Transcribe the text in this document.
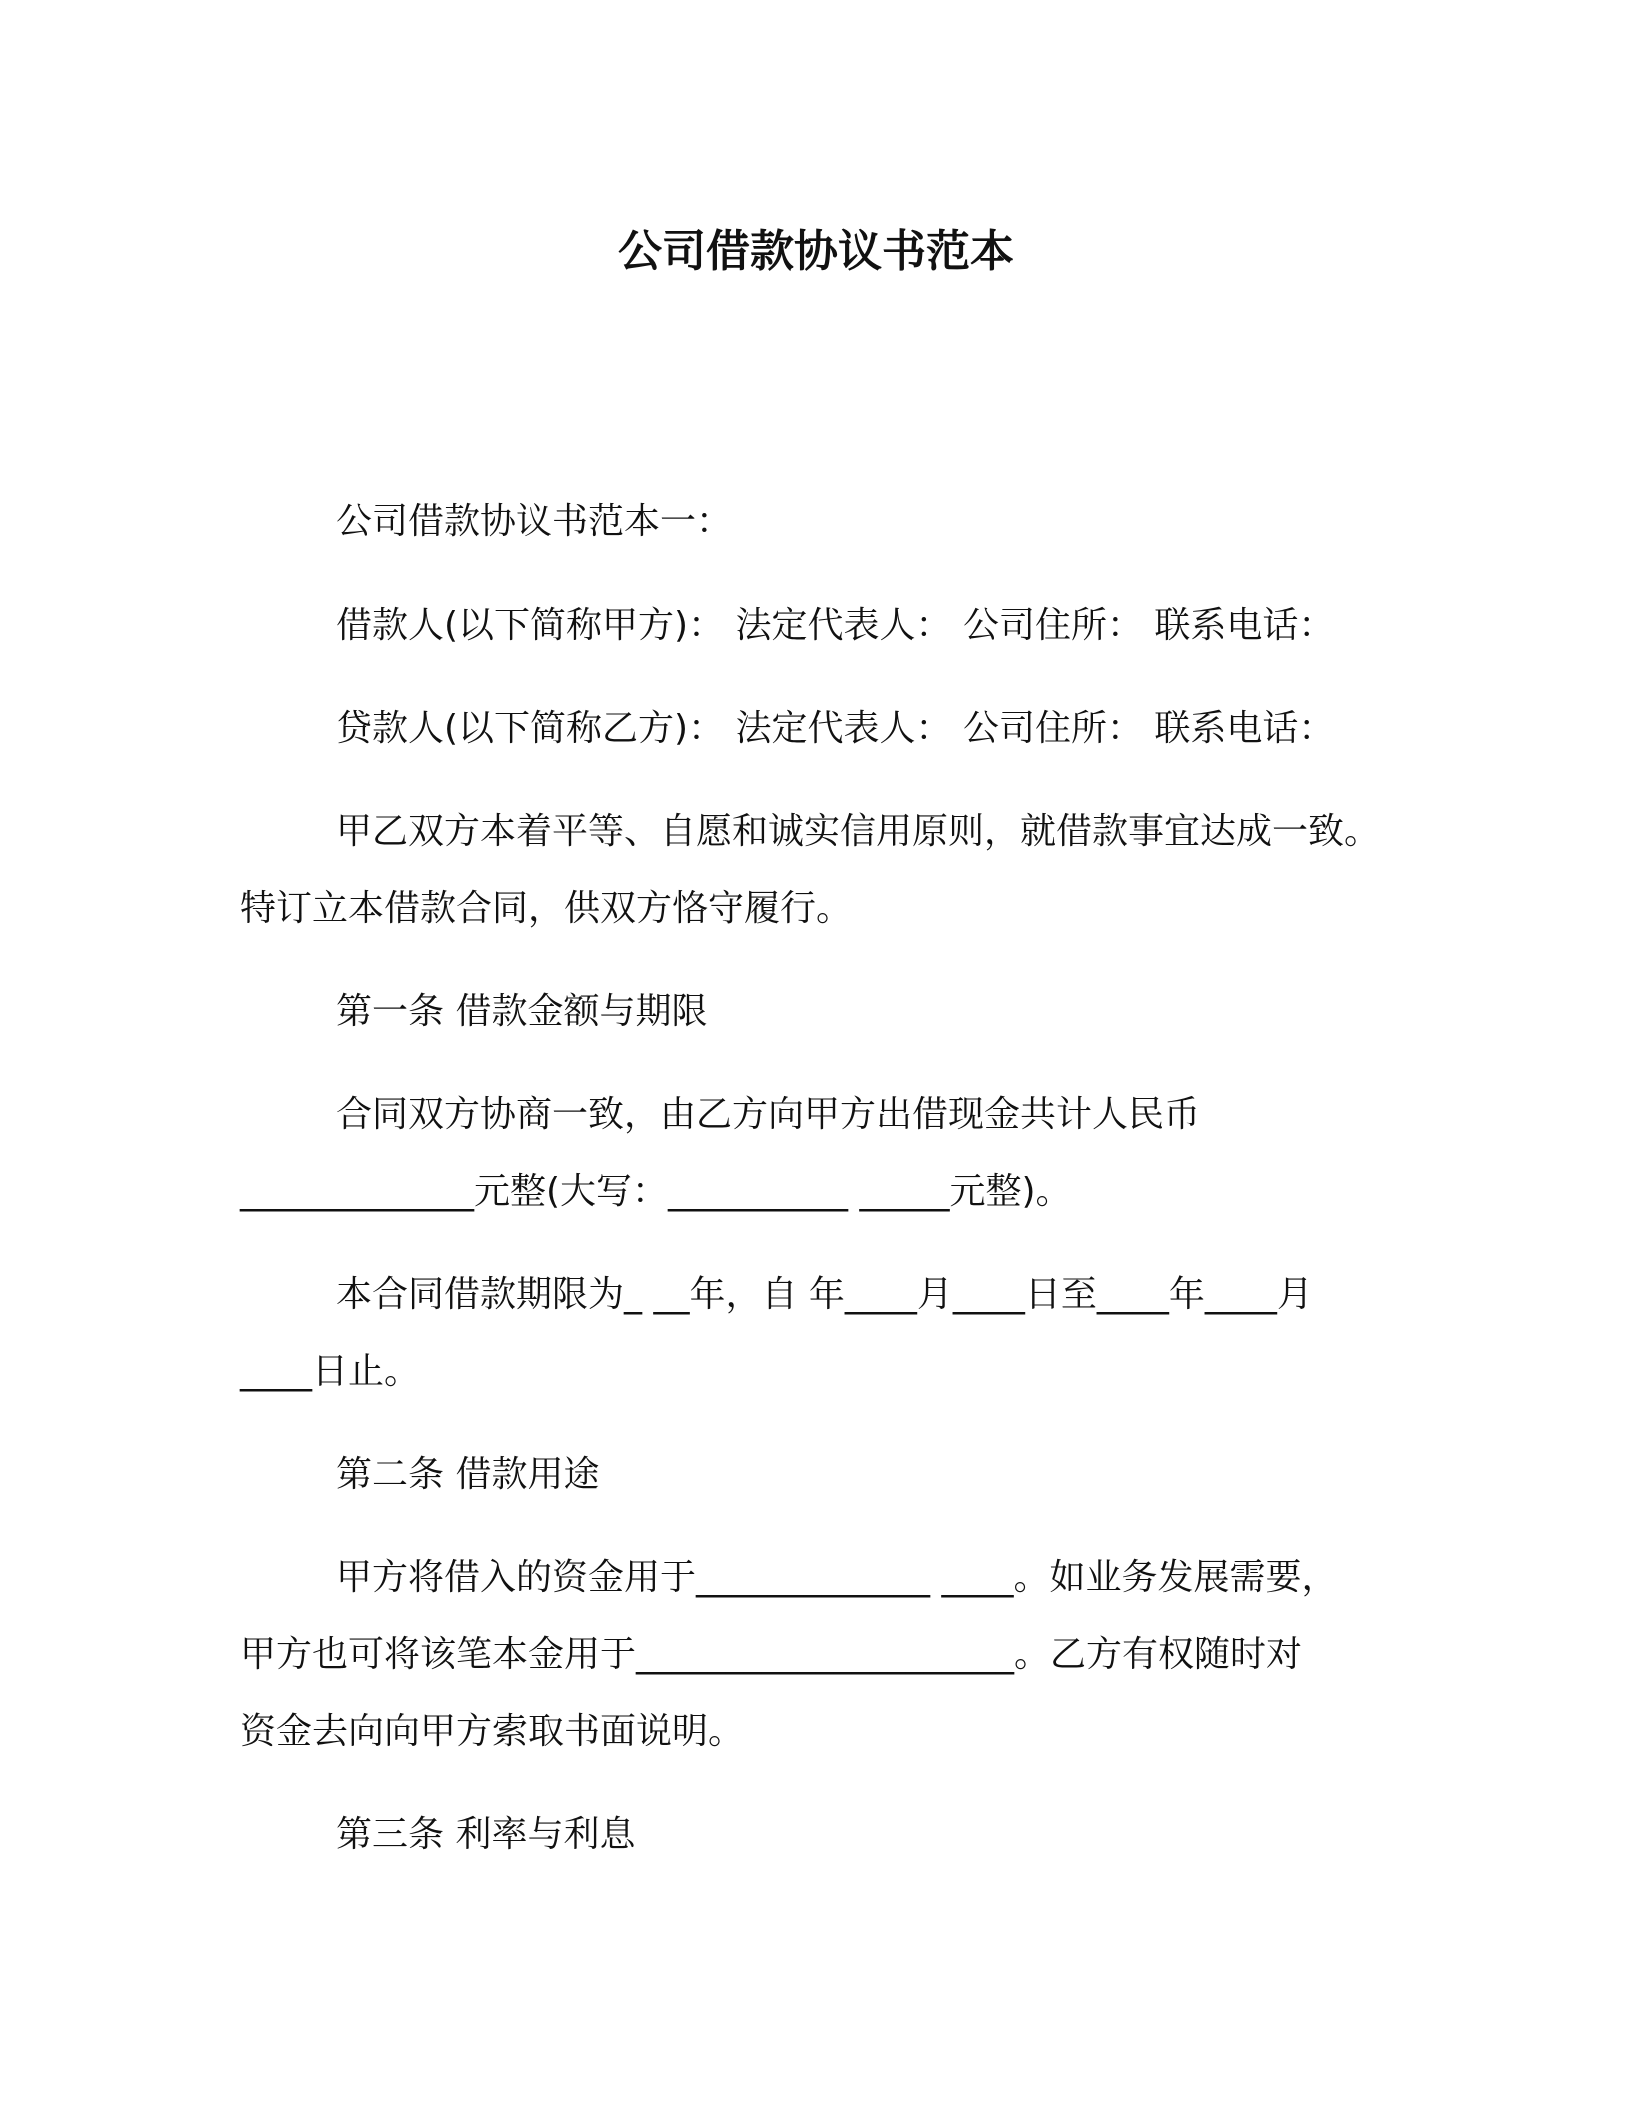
公司借款协议书范本
公司借款协议书范本一：
借款人(以下简称甲方)： 法定代表人： 公司住所： 联系电话：
贷款人(以下简称乙方)： 法定代表人： 公司住所： 联系电话：
甲乙双方本着平等、自愿和诚实信用原则，就借款事宜达成一致。
特订立本借款合同，供双方恪守履行。
第一条 借款金额与期限
合同双方协商一致，由乙方向甲方出借现金共计人民币
_____________元整(大写：__________ _____元整)。
本合同借款期限为_ __年，自 年____月____日至____年____月
____日止。
第二条 借款用途
甲方将借入的资金用于_____________ ____。如业务发展需要，
甲方也可将该笔本金用于_____________________。乙方有权随时对
资金去向向甲方索取书面说明。
第三条 利率与利息
